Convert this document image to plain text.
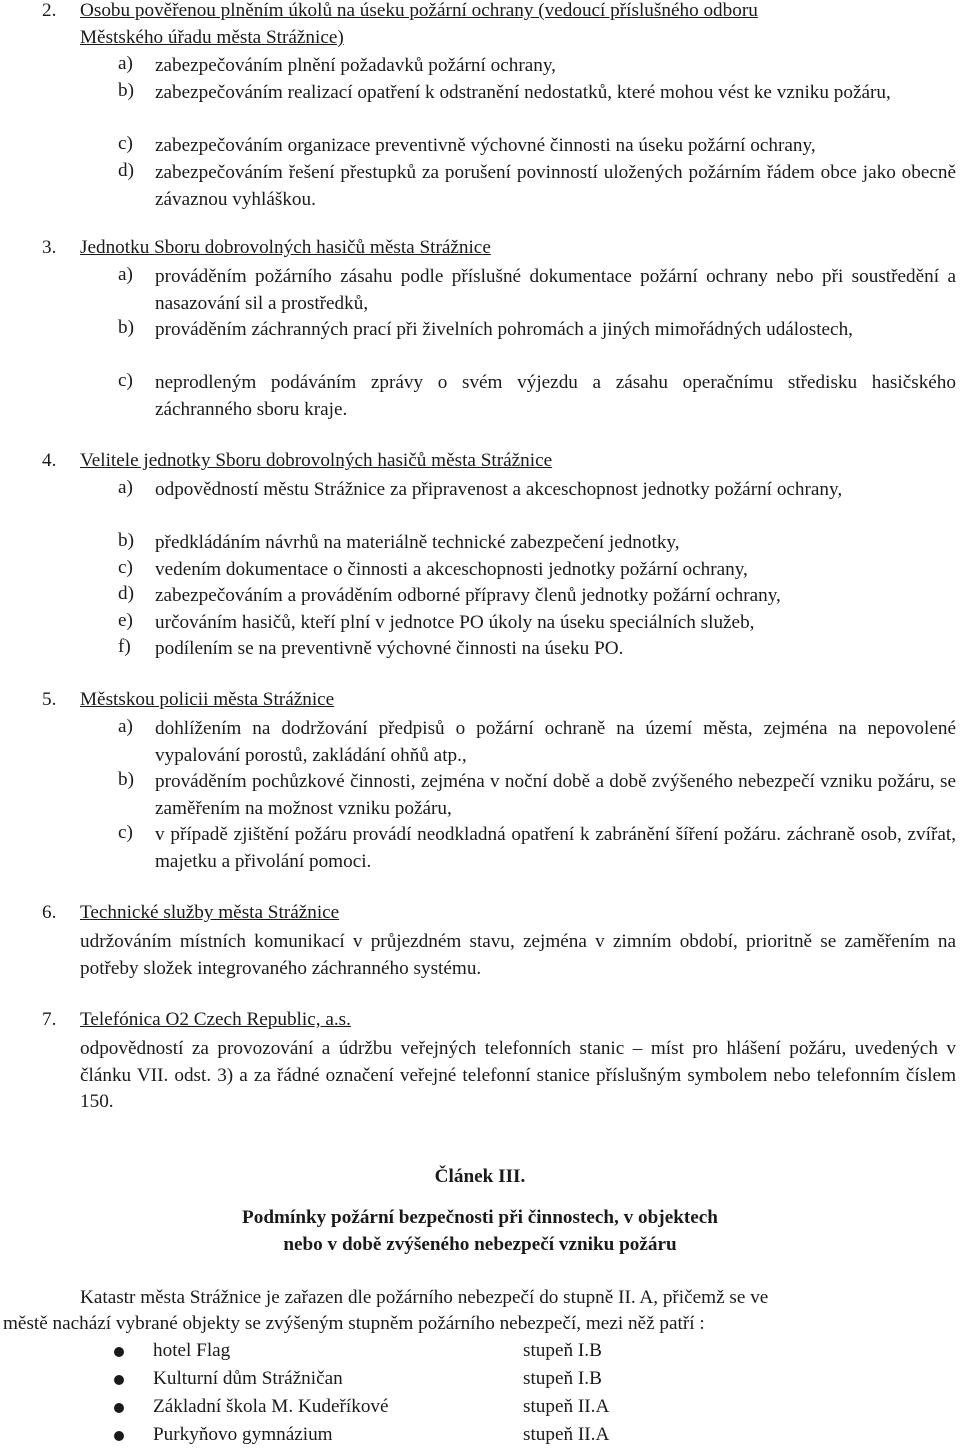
2. Osobu pověřenou plněním úkolů na úseku požární ochrany (vedoucí příslušného odboru
Městského úřadu města Strážnice)
a) zabezpečováním plnění požadavků požární ochrany,
b) zabezpečováním realizací opatření k odstranění nedostatků, které mohou vést ke vzniku požáru,
c) zabezpečováním organizace preventivně výchovné činnosti na úseku požární ochrany,
d) zabezpečováním řešení přestupků za porušení povinností uložených požárním řádem obce jako obecně závaznou vyhláškou.
3. Jednotku Sboru dobrovolných hasičů města Strážnice
a) prováděním požárního zásahu podle příslušné dokumentace požární ochrany nebo při soustředění a nasazování sil a prostředků,
b) prováděním záchranných prací při živelních pohromách a jiných mimořádných událostech,
c) neprodleným podáváním zprávy o svém výjezdu a zásahu operačnímu středisku hasičského záchranného sboru kraje.
4. Velitele jednotky Sboru dobrovolných hasičů města Strážnice
a) odpovědností městu Strážnice za připravenost a akceschopnost jednotky požární ochrany,
b) předkládáním návrhů na materiálně technické zabezpečení jednotky,
c) vedením dokumentace o činnosti a akceschopnosti jednotky požární ochrany,
d) zabezpečováním a prováděním odborné přípravy členů jednotky požární ochrany,
e) určováním hasičů, kteří plní v jednotce PO úkoly na úseku speciálních služeb,
f) podílením se na preventivně výchovné činnosti na úseku PO.
5. Městskou policii města Strážnice
a) dohlížením na dodržování předpisů o požární ochraně na území města, zejména na nepovolené vypalování porostů, zakládání ohňů atp.,
b) prováděním pochůzkové činnosti, zejména v noční době a době zvýšeného nebezpečí vzniku požáru, se zaměřením na možnost vzniku požáru,
c) v případě zjištění požáru provádí neodkladná opatření k zabránění šíření požáru. záchraně osob, zvířat, majetku a přivolání pomoci.
6. Technické služby města Strážnice
udržováním místních komunikací v průjezdném stavu, zejména v zimním období, prioritně se zaměřením na potřeby složek integrovaného záchranného systému.
7. Telefónica O2 Czech Republic, a.s.
odpovědností za provozování a údržbu veřejných telefonních stanic – míst pro hlášení požáru, uvedených v článku VII. odst. 3) a za řádné označení veřejné telefonní stanice příslušným symbolem nebo telefonním číslem 150.
Článek III.
Podmínky požární bezpečnosti při činnostech, v objektech
nebo v době zvýšeného nebezpečí vzniku požáru
Katastr města Strážnice je zařazen dle požárního nebezpečí do stupně II. A, přičemž se ve
městě nachází vybrané objekty se zvýšeným stupněm požárního nebezpečí, mezi něž patří :
hotel Flag	stupeň I.B
Kulturní dům Strážničan	stupeň I.B
Základní škola M. Kudeříkové	stupeň II.A
Purkyňovo gymnázium	stupeň II.A
